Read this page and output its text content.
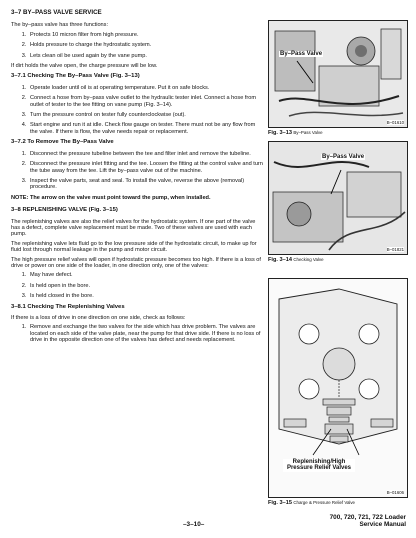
3–7 BY–PASS VALVE SERVICE

The by–pass valve has three functions:

1. Protects 10 micron filter from high pressure.
2. Holds pressure to charge the hydrostatic system.
3. Lets clean oil be used again by the vane pump.

If dirt holds the valve open, the charge pressure will be low.

3–7.1 Checking The By–Pass Valve (Fig. 3–13)
1. Operate loader until oil is at operating temperature. Put it on safe blocks.
2. Connect a hose from by–pass valve outlet to the hydraulic tester inlet. Connect a hose from outlet of tester to the tee fitting on vane pump (Fig. 3–14).
3. Turn the pressure control on tester fully counterclockwise (out).
4. Start engine and run it at idle. Check flow gauge on tester. There must not be any flow from the valve. If there is flow, the valve needs repair or replacement.
3–7.2 To Remove The By–Pass Valve
1. Disconnect the pressure tubeline between the tee and filter inlet and remove the tubeline.
2. Disconnect the pressure inlet fitting and the tee. Loosen the fitting at the control valve and turn the tube away from the tee. Lift the by–pass valve out of the machine.
3. Inspect the valve parts, seat and seal. To install the valve, reverse the above (removal) procedure.

NOTE: The arrow on the valve must point toward the pump, when installed.

3–8 REPLENISHING VALVE (Fig. 3–15)

The replenishing valves are also the relief valves for the hydrostatic system. If one part of the valve has a defect, complete valve replacement must be made. Two of these valves are used with each pump.

The replenishing valve lets fluid go to the low pressure side of the hydrostatic circuit, to make up for fluid lost through normal leakage in the pump and motor circuit.

The high pressure relief valves will open if hydrostatic pressure becomes too high. If there is a loss of drive or power on one side of the loader, in one direction only, one of the valves:

1. May have defect.
2. Is held open in the bore.
3. Is held closed in the bore.
3–8.1 Checking The Replenishing Valves

If there is a loss of drive in one direction on one side, check as follows:

1. Remove and exchange the two valves for the side which has drive problem. The valves are located on each side of the valve plate, near the pump for that drive side. If there is no loss of drive in the opposite direction one of the valves has defect and needs replacement.
By–Pass Valve
B–01610
Fig. 3–13 By–Pass Valve
By–Pass Valve
B–01821
Fig. 3–14 Checking Valve
Replenishing/High Pressure Relief Valves
B–01606
Fig. 3–15 Charge & Pressure Relief Valve
–3–10–
700, 720, 721, 722 Loader
Service Manual
